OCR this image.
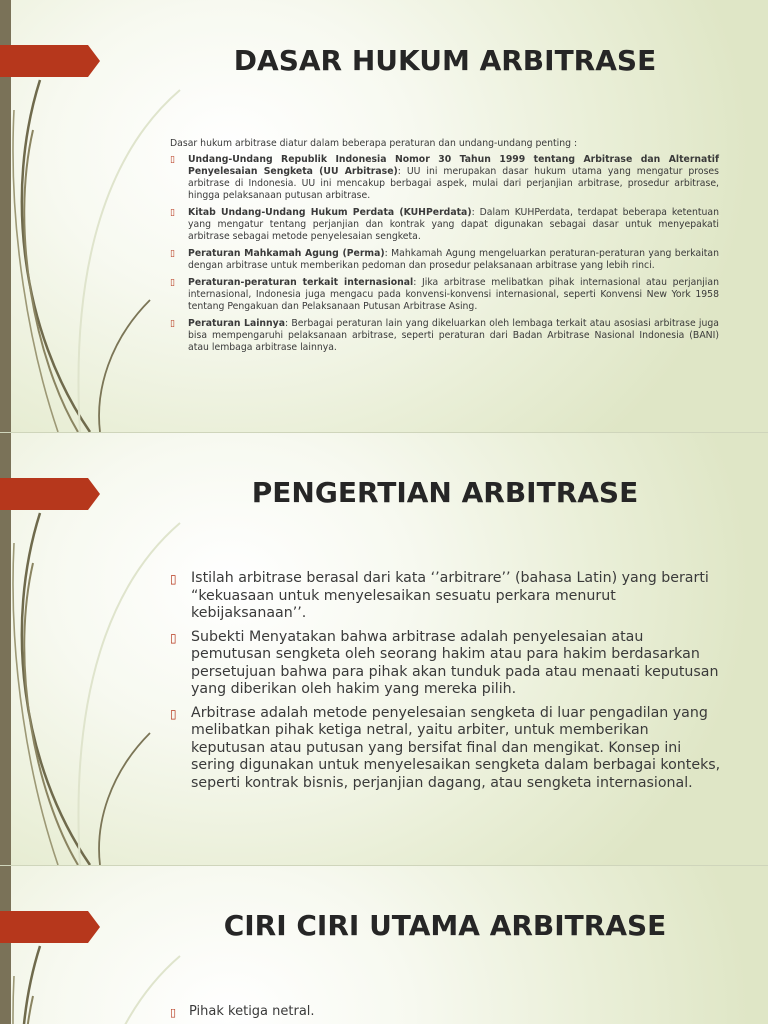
DASAR HUKUM ARBITRASE

Dasar hukum arbitrase diatur dalam beberapa peraturan dan undang-undang penting :

▯ Undang-Undang Republik Indonesia Nomor 30 Tahun 1999 tentang Arbitrase dan Alternatif Penyelesaian Sengketa (UU Arbitrase): UU ini merupakan dasar hukum utama yang mengatur proses arbitrase di Indonesia. UU ini mencakup berbagai aspek, mulai dari perjanjian arbitrase, prosedur arbitrase, hingga pelaksanaan putusan arbitrase.
▯ Kitab Undang-Undang Hukum Perdata (KUHPerdata): Dalam KUHPerdata, terdapat beberapa ketentuan yang mengatur tentang perjanjian dan kontrak yang dapat digunakan sebagai dasar untuk menyepakati arbitrase sebagai metode penyelesaian sengketa.
▯ Peraturan Mahkamah Agung (Perma): Mahkamah Agung mengeluarkan peraturan-peraturan yang berkaitan dengan arbitrase untuk memberikan pedoman dan prosedur pelaksanaan arbitrase yang lebih rinci.
▯ Peraturan-peraturan terkait internasional: Jika arbitrase melibatkan pihak internasional atau perjanjian internasional, Indonesia juga mengacu pada konvensi-konvensi internasional, seperti Konvensi New York 1958 tentang Pengakuan dan Pelaksanaan Putusan Arbitrase Asing.
▯ Peraturan Lainnya: Berbagai peraturan lain yang dikeluarkan oleh lembaga terkait atau asosiasi arbitrase juga bisa mempengaruhi pelaksanaan arbitrase, seperti peraturan dari Badan Arbitrase Nasional Indonesia (BANI) atau lembaga arbitrase lainnya.
PENGERTIAN ARBITRASE
▯ Istilah arbitrase berasal dari kata ‘’arbitrare’’ (bahasa Latin) yang berarti “kekuasaan untuk menyelesaikan sesuatu perkara menurut kebijaksanaan’’.
▯ Subekti Menyatakan bahwa arbitrase adalah penyelesaian atau pemutusan sengketa oleh seorang hakim atau para hakim berdasarkan persetujuan bahwa para pihak akan tunduk pada atau menaati keputusan yang diberikan oleh hakim yang mereka pilih.
▯ Arbitrase adalah metode penyelesaian sengketa di luar pengadilan yang melibatkan pihak ketiga netral, yaitu arbiter, untuk memberikan keputusan atau putusan yang bersifat final dan mengikat. Konsep ini sering digunakan untuk menyelesaikan sengketa dalam berbagai konteks, seperti kontrak bisnis, perjanjian dagang, atau sengketa internasional.
CIRI CIRI UTAMA ARBITRASE
▯ Pihak ketiga netral.
